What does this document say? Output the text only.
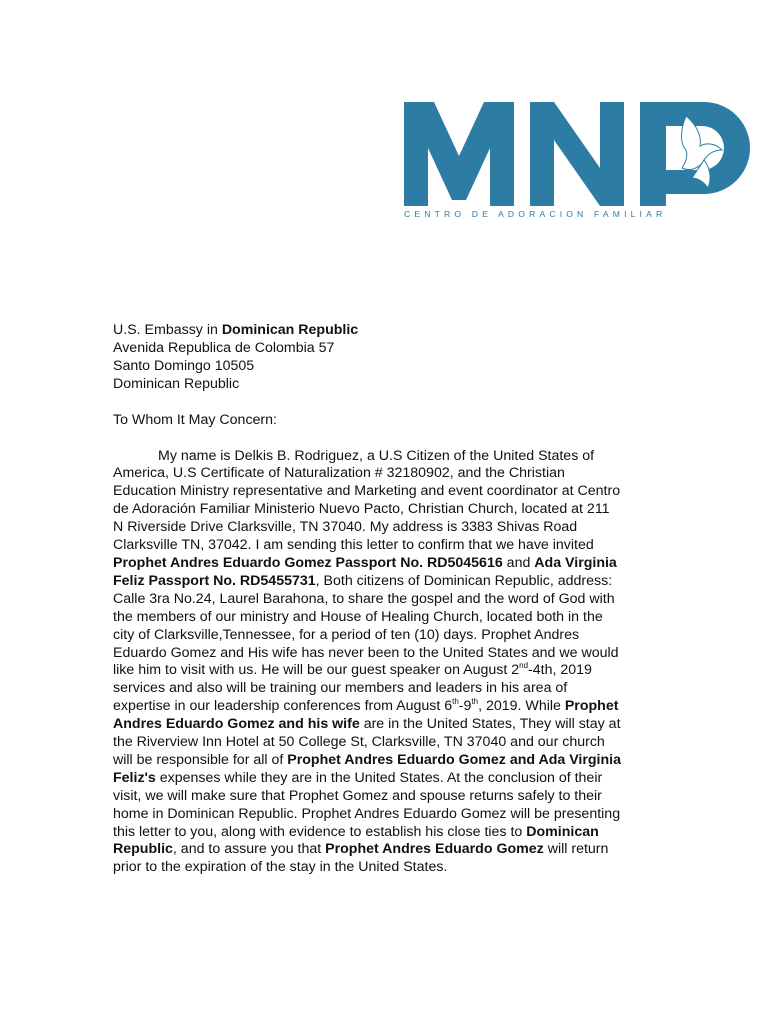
CENTRO DE ADORACION FAMILIAR
U.S. Embassy in Dominican Republic
Avenida Republica de Colombia 57
Santo Domingo 10505
Dominican Republic
To Whom It May Concern:
My name is Delkis B. Rodriguez, a U.S Citizen of the United States of
America, U.S Certificate of Naturalization # 32180902, and the Christian
Education Ministry representative and Marketing and event coordinator at Centro
de Adoración Familiar Ministerio Nuevo Pacto, Christian Church, located at 211
N Riverside Drive Clarksville, TN 37040. My address is 3383 Shivas Road
Clarksville TN, 37042. I am sending this letter to confirm that we have invited
Prophet Andres Eduardo Gomez Passport No. RD5045616 and Ada Virginia
Feliz Passport No. RD5455731, Both citizens of Dominican Republic, address:
Calle 3ra No.24, Laurel Barahona, to share the gospel and the word of God with
the members of our ministry and House of Healing Church, located both in the
city of Clarksville,Tennessee, for a period of ten (10) days. Prophet Andres
Eduardo Gomez and His wife has never been to the United States and we would
like him to visit with us. He will be our guest speaker on August 2nd-4th, 2019
services and also will be training our members and leaders in his area of
expertise in our leadership conferences from August 6th-9th, 2019. While Prophet
Andres Eduardo Gomez and his wife are in the United States, They will stay at
the Riverview Inn Hotel at 50 College St, Clarksville, TN 37040 and our church
will be responsible for all of Prophet Andres Eduardo Gomez and Ada Virginia
Feliz's expenses while they are in the United States. At the conclusion of their
visit, we will make sure that Prophet Gomez and spouse returns safely to their
home in Dominican Republic. Prophet Andres Eduardo Gomez will be presenting
this letter to you, along with evidence to establish his close ties to Dominican
Republic, and to assure you that Prophet Andres Eduardo Gomez will return
prior to the expiration of the stay in the United States.
